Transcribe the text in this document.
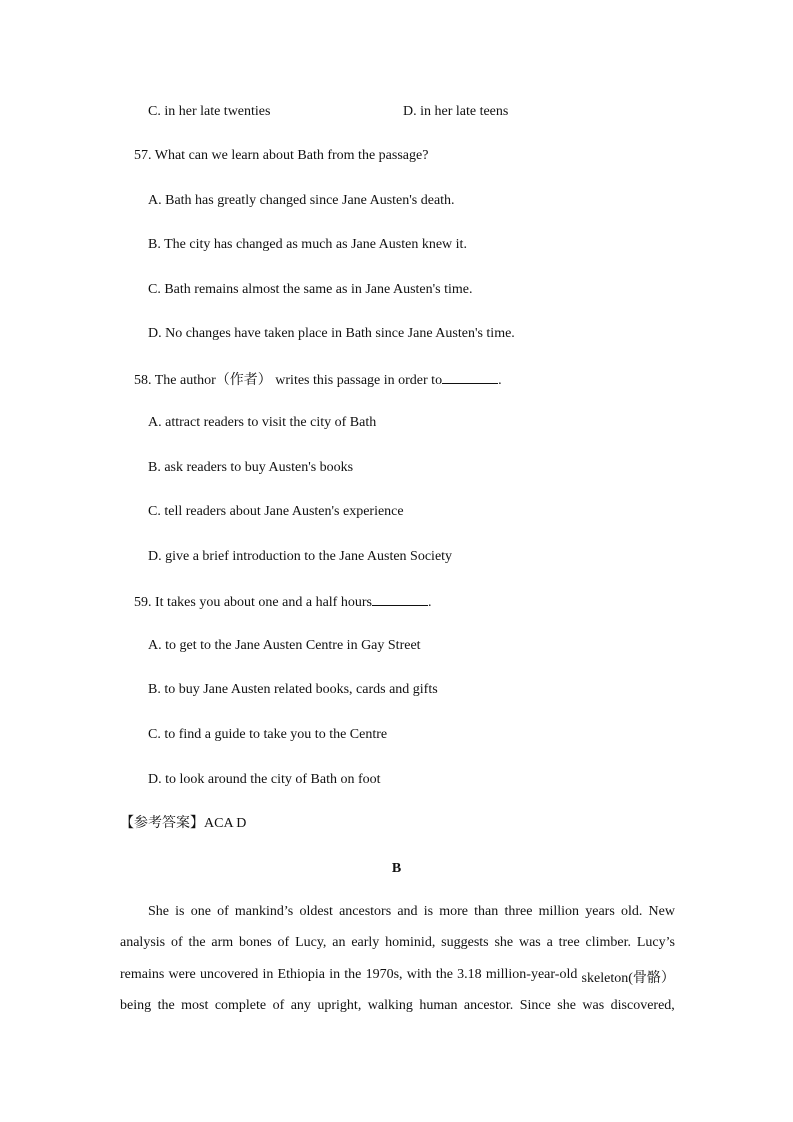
C. in her late twenties	D. in her late teens
57. What can we learn about Bath from the passage?
A. Bath has greatly changed since Jane Austen's death.
B. The city has changed as much as Jane Austen knew it.
C. Bath remains almost the same as in Jane Austen's time.
D. No changes have taken place in Bath since Jane Austen's time.
58. The author（作者） writes this passage in order to	.
A. attract readers to visit the city of Bath
B. ask readers to buy Austen's books
C. tell readers about Jane Austen's experience
D. give a brief introduction to the Jane Austen Society
59. It takes you about one and a half hours	.
A. to get to the Jane Austen Centre in Gay Street
B. to buy Jane Austen related books, cards and gifts
C. to find a guide to take you to the Centre
D. to look around the city of Bath on foot
【参考答案】ACA D
B
She is one of mankind’s oldest ancestors and is more than three million years old. New
analysis of the arm bones of Lucy, an early hominid, suggests she was a tree climber. Lucy’s
remains were uncovered in Ethiopia in the 1970s, with the 3.18 million-year-old skeleton(骨骼）
being the most complete of any upright, walking human ancestor. Since she was discovered,
